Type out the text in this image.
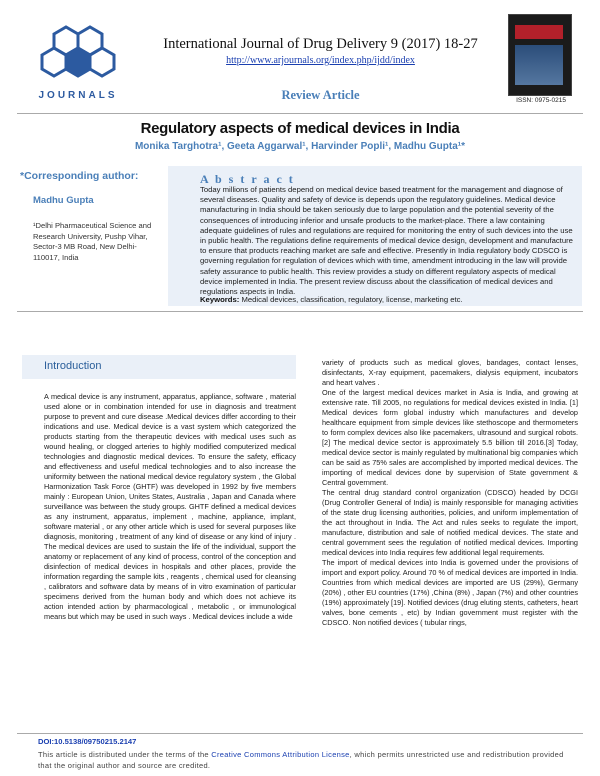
JOURNALS
International Journal of Drug Delivery 9 (2017) 18-27
http://www.arjournals.org/index.php/ijdd/index
Review Article	ISSN: 0975-0215
Regulatory aspects of medical devices in India
Monika Targhotra¹, Geeta Aggarwal¹, Harvinder Popli¹, Madhu Gupta¹*
*Corresponding author:
Madhu Gupta
¹Delhi Pharmaceutical Science and Research University, Pushp Vihar, Sector-3 MB Road, New Delhi-110017, India
A b s t r a c t
Today millions of patients depend on medical device based treatment for the management and diagnose of several diseases. Quality and safety of device is depends upon the regulatory guidelines. Medical device manufacturing in India should be taken seriously due to large population and the potential severity of the consequences of introducing inferior and unsafe products to the market-place. There a law containing adequate guidelines of rules and regulations are required for monitoring the entry of such devices into the use in public health. The regulations define requirements of medical device design, development and manufacture to ensure that products reaching market are safe and effective. Presently in India regulatory body CDSCO is governing regulation for regulation of devices which with time, amendment introducing in the law will provide safety assurance to public health. This review provides a study on different regulatory aspects of medical device implemented in India. The present review discuss about the classification of medical devices and regulations aspects in India.
Keywords: Medical devices, classification, regulatory, license, marketing etc.
Introduction
A medical device is any instrument, apparatus, appliance, software , material used alone or in combination intended for use in diagnosis and treatment purpose to prevent and cure disease .Medical devices differ according to their indications and use. Medical device is a vast system which categorized the products starting from the therapeutic devices with medical uses such as wound healing, or clogged arteries to highly modified computerized medical technologies and diagnostic medical devices. To ensure the safety, efficacy and effectiveness and useful medical technologies and to also increase the uniformity between the national medical device regulatory system , the Global Harmonization Task Force (GHTF) was developed in 1992 by five members mainly : European Union, Unites States, Australia , Japan and Canada where surveillance was between the study groups. GHTF defined a medical devices as any instrument, apparatus, implement , machine, appliance, implant, software material , or any other article which is used for several purposes like diagnosis, monitoring , treatment of any kind of disease or any kind of injury . The medical devices are used to sustain the life of the individual, support the anatomy or replacement of any kind of process, control of the conception and disinfection of medical devices in hospitals and other places, provide the information regarding the sample kits , reagents , chemical used for cleansing , calibrators and software data by means of in vitro examination of particular specimens derived from the human body and which does not achieve its action intended action by pharmacological , metabolic , or immunological means but which may be used in such ways . Medical devices include a wide
variety of products such as medical gloves, bandages, contact lenses, disinfectants, X-ray equipment, pacemakers, dialysis equipment, incubators and heart valves .
One of the largest medical devices market in Asia is India, and growing at extensive rate. Till 2005, no regulations for medical devices existed in India. [1] Medical devices form global industry which manufactures and develop healthcare equipment from simple devices like stethoscope and thermometers to form complex devices also like pacemakers, ultrasound and surgical robots.[2] The medical device sector is approximately 5.5 billion till 2016.[3] Today, medical device sector is mainly regulated by multinational big companies which can be said as 75% sales are accomplished by imported medical devices. The importing of medical devices done by supervision of State government & Central government.
The central drug standard control organization (CDSCO) headed by DCGI (Drug Controller General of India) is mainly responsible for managing activities of the state drug licensing authorities, policies, and uniform implementation of the act throughout in India. The Act and rules seeks to regulate the import, manufacture, distribution and sale of notified medical devices. The state and central government sees the regulation of notified medical devices. Importing medical devices into India requires few additional legal requirements.
The import of medical devices into India is governed under the provisions of import and export policy. Around 70 % of medical devices are imported in India. Countries from which medical devices are imported are US (29%), Germany (20%) , other EU countries (17%) ,China (8%) , Japan (7%) and other countries (19%) approximately [19]. Notified devices (drug eluting stents, catheters, heart valves, bone cements , etc) by Indian government must register with the CDSCO. Non notified devices ( tubular rings,
DOI:10.5138/09750215.2147
This article is distributed under the terms of the Creative Commons Attribution License, which permits unrestricted use and redistribution provided that the original author and source are credited.
